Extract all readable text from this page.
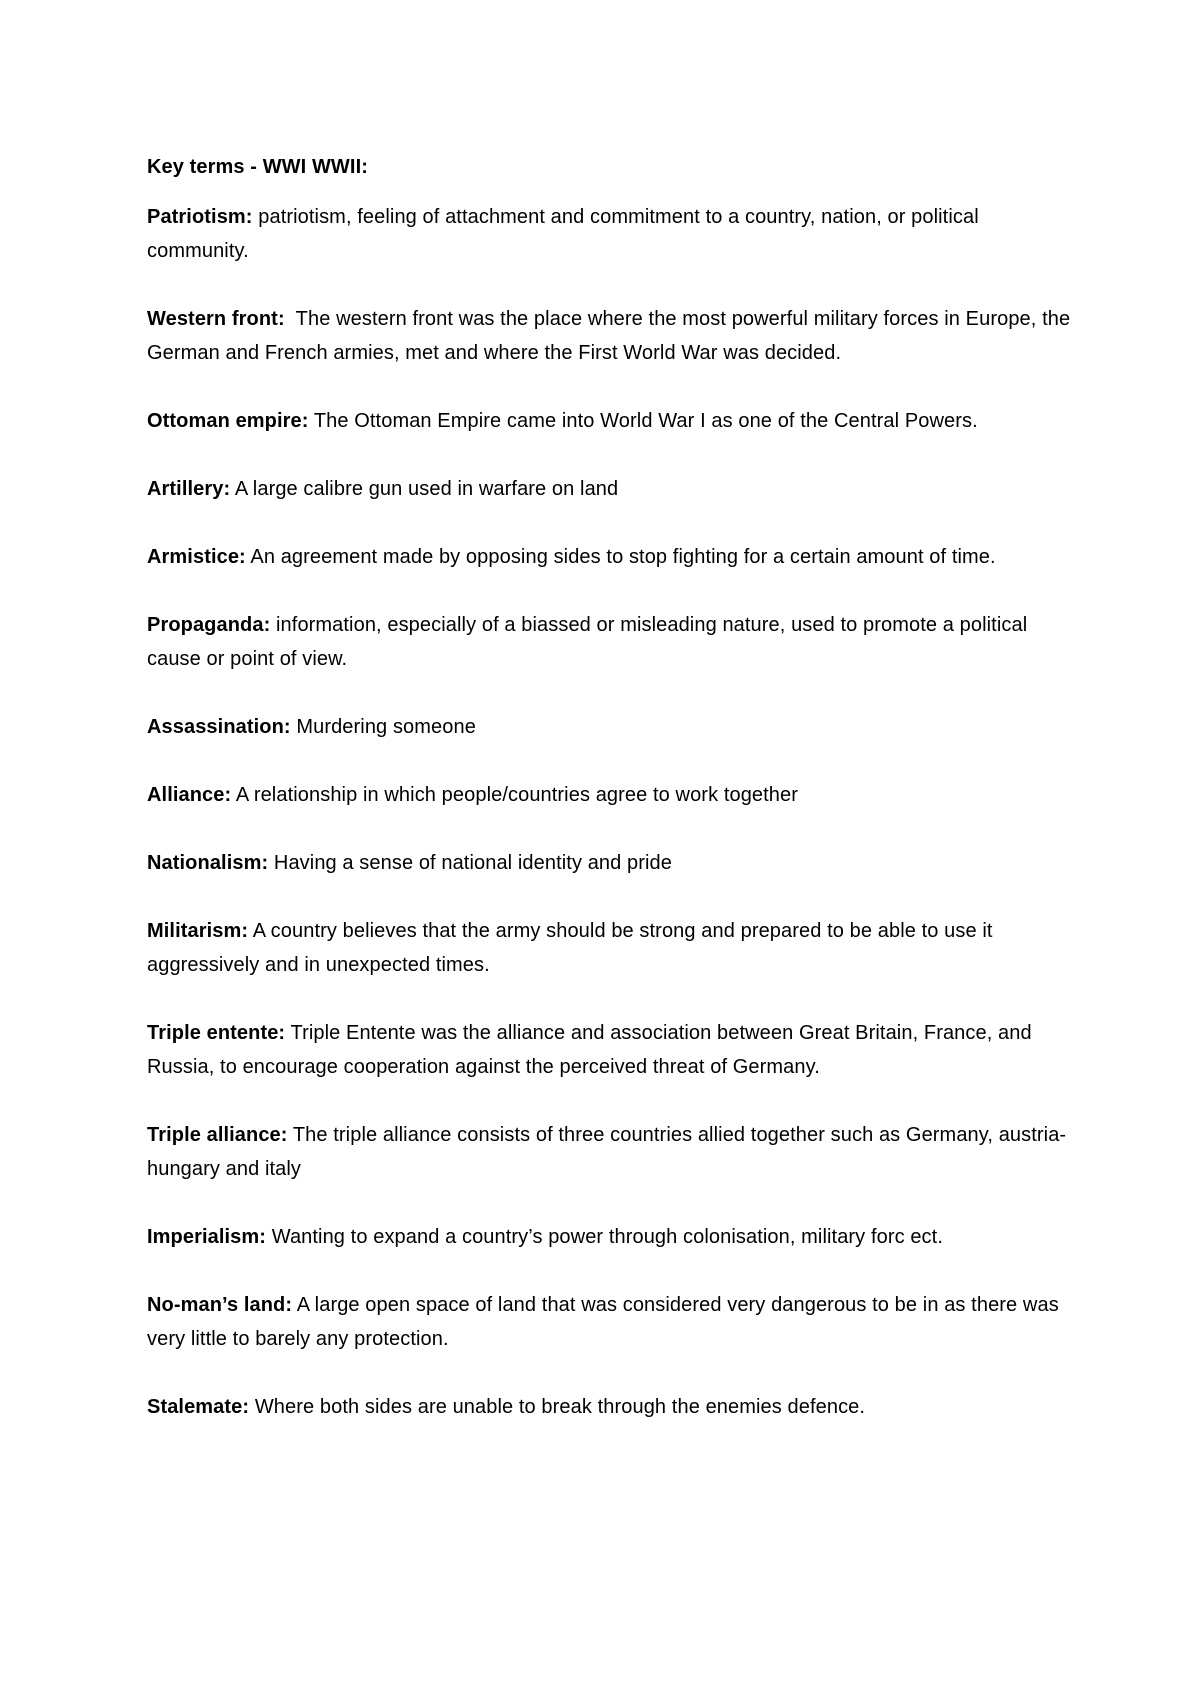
Key terms - WWI WWII:

Patriotism: patriotism, feeling of attachment and commitment to a country, nation, or political community.

Western front:  The western front was the place where the most powerful military forces in Europe, the German and French armies, met and where the First World War was decided.

Ottoman empire: The Ottoman Empire came into World War I as one of the Central Powers.

Artillery: A large calibre gun used in warfare on land

Armistice: An agreement made by opposing sides to stop fighting for a certain amount of time.

Propaganda: information, especially of a biassed or misleading nature, used to promote a political cause or point of view.

Assassination: Murdering someone

Alliance: A relationship in which people/countries agree to work together

Nationalism: Having a sense of national identity and pride

Militarism: A country believes that the army should be strong and prepared to be able to use it aggressively and in unexpected times.

Triple entente: Triple Entente was the alliance and association between Great Britain, France, and Russia, to encourage cooperation against the perceived threat of Germany.

Triple alliance: The triple alliance consists of three countries allied together such as Germany, austria-hungary and italy

Imperialism: Wanting to expand a country’s power through colonisation, military forc ect.

No-man’s land: A large open space of land that was considered very dangerous to be in as there was very little to barely any protection.

Stalemate: Where both sides are unable to break through the enemies defence.
